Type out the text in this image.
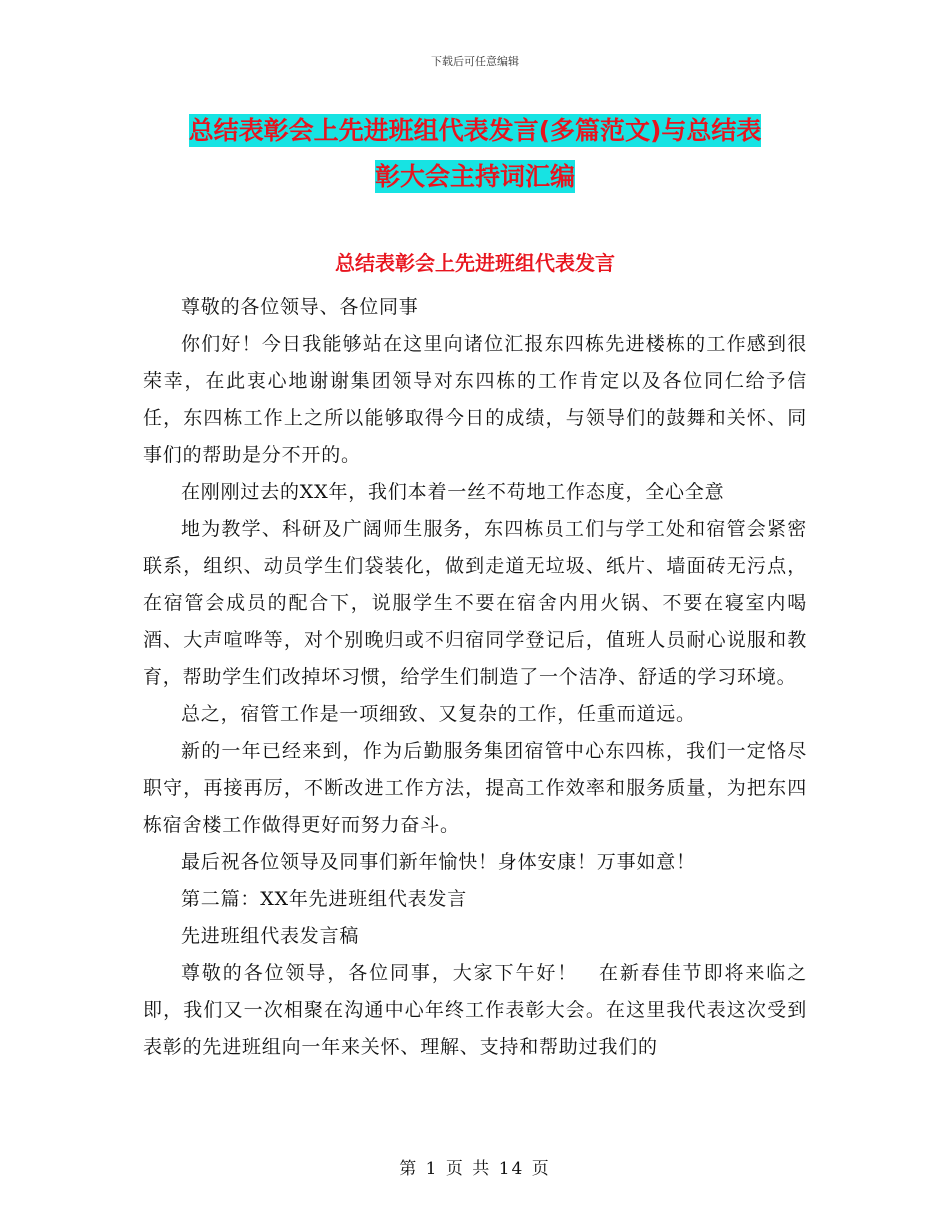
下载后可任意编辑
总结表彰会上先进班组代表发言(多篇范文)与总结表
彰大会主持词汇编
总结表彰会上先进班组代表发言

尊敬的各位领导、各位同事

你们好！今日我能够站在这里向诸位汇报东四栋先进楼栋的工作感到很荣幸，在此衷心地谢谢集团领导对东四栋的工作肯定以及各位同仁给予信任，东四栋工作上之所以能够取得今日的成绩，与领导们的鼓舞和关怀、同事们的帮助是分不开的。

在刚刚过去的XX年，我们本着一丝不苟地工作态度，全心全意

地为教学、科研及广阔师生服务，东四栋员工们与学工处和宿管会紧密联系，组织、动员学生们袋装化，做到走道无垃圾、纸片、墙面砖无污点，在宿管会成员的配合下，说服学生不要在宿舍内用火锅、不要在寝室内喝酒、大声喧哗等，对个别晚归或不归宿同学登记后，值班人员耐心说服和教育，帮助学生们改掉坏习惯，给学生们制造了一个洁净、舒适的学习环境。

总之，宿管工作是一项细致、又复杂的工作，任重而道远。

新的一年已经来到，作为后勤服务集团宿管中心东四栋，我们一定恪尽职守，再接再厉，不断改进工作方法，提高工作效率和服务质量，为把东四栋宿舍楼工作做得更好而努力奋斗。

最后祝各位领导及同事们新年愉快！身体安康！万事如意！

第二篇：XX年先进班组代表发言

先进班组代表发言稿

尊敬的各位领导，各位同事，大家下午好！　在新春佳节即将来临之即，我们又一次相聚在沟通中心年终工作表彰大会。在这里我代表这次受到表彰的先进班组向一年来关怀、理解、支持和帮助过我们的

第 1 页 共 14 页
